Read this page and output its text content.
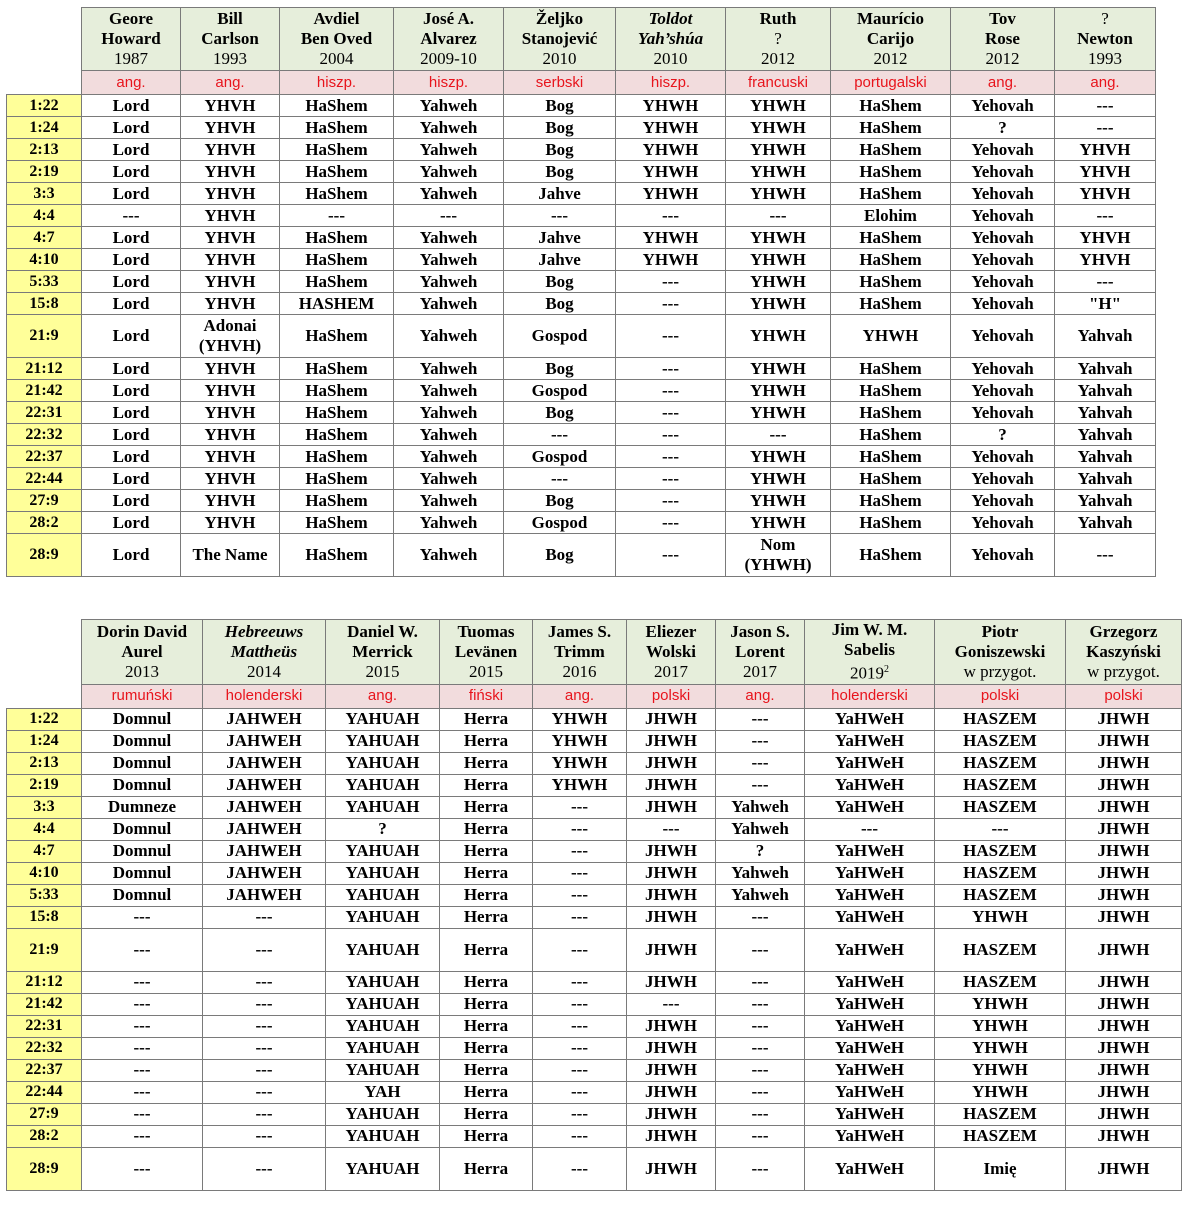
	Geore
Howard
1987	Bill
Carlson
1993	Avdiel
Ben Oved
2004	José A.
Alvarez
2009-10	Željko
Stanojević
2010	Toldot
Yah’shúa
2010	Ruth
?
2012	Maurício
Carijo
2012	Tov
Rose
2012	?
Newton
1993

	ang.	ang.	hiszp.	hiszp.	serbski	hiszp.	francuski	portugalski	ang.	ang.
1:22	Lord	YHVH	HaShem	Yahweh	Bog	YHWH	YHWH	HaShem	Yehovah	---

1:24	Lord	YHVH	HaShem	Yahweh	Bog	YHWH	YHWH	HaShem	?	---

2:13	Lord	YHVH	HaShem	Yahweh	Bog	YHWH	YHWH	HaShem	Yehovah	YHVH

2:19	Lord	YHVH	HaShem	Yahweh	Bog	YHWH	YHWH	HaShem	Yehovah	YHVH

3:3	Lord	YHVH	HaShem	Yahweh	Jahve	YHWH	YHWH	HaShem	Yehovah	YHVH

4:4	---	YHVH	---	---	---	---	---	Elohim	Yehovah	---

4:7	Lord	YHVH	HaShem	Yahweh	Jahve	YHWH	YHWH	HaShem	Yehovah	YHVH

4:10	Lord	YHVH	HaShem	Yahweh	Jahve	YHWH	YHWH	HaShem	Yehovah	YHVH

5:33	Lord	YHVH	HaShem	Yahweh	Bog	---	YHWH	HaShem	Yehovah	---

15:8	Lord	YHVH	HASHEM	Yahweh	Bog	---	YHWH	HaShem	Yehovah	"H"

21:9	Lord	Adonai
(YHVH)	HaShem	Yahweh	Gospod	---	YHWH	YHWH	Yehovah	Yahvah

21:12	Lord	YHVH	HaShem	Yahweh	Bog	---	YHWH	HaShem	Yehovah	Yahvah

21:42	Lord	YHVH	HaShem	Yahweh	Gospod	---	YHWH	HaShem	Yehovah	Yahvah

22:31	Lord	YHVH	HaShem	Yahweh	Bog	---	YHWH	HaShem	Yehovah	Yahvah

22:32	Lord	YHVH	HaShem	Yahweh	---	---	---	HaShem	?	Yahvah

22:37	Lord	YHVH	HaShem	Yahweh	Gospod	---	YHWH	HaShem	Yehovah	Yahvah

22:44	Lord	YHVH	HaShem	Yahweh	---	---	YHWH	HaShem	Yehovah	Yahvah

27:9	Lord	YHVH	HaShem	Yahweh	Bog	---	YHWH	HaShem	Yehovah	Yahvah

28:2	Lord	YHVH	HaShem	Yahweh	Gospod	---	YHWH	HaShem	Yehovah	Yahvah

28:9	Lord	The Name	HaShem	Yahweh	Bog	---	Nom
(YHWH)	HaShem	Yehovah	---

	Dorin David
Aurel
2013	Hebreeuws
Mattheüs
2014	Daniel W.
Merrick
2015	Tuomas
Levänen
2015	James S.
Trimm
2016	Eliezer
Wolski
2017	Jason S.
Lorent
2017	Jim W. M.
Sabelis
2019$^2$	Piotr
Goniszewski
w przygot.	Grzegorz
Kaszyński
w przygot.

	rumuński	holenderski	ang.	fiński	ang.	polski	ang.	holenderski	polski	polski
1:22	Domnul	JAHWEH	YAHUAH	Herra	YHWH	JHWH	---	YaHWeH	HASZEM	JHWH

1:24	Domnul	JAHWEH	YAHUAH	Herra	YHWH	JHWH	---	YaHWeH	HASZEM	JHWH

2:13	Domnul	JAHWEH	YAHUAH	Herra	YHWH	JHWH	---	YaHWeH	HASZEM	JHWH

2:19	Domnul	JAHWEH	YAHUAH	Herra	YHWH	JHWH	---	YaHWeH	HASZEM	JHWH

3:3	Dumneze	JAHWEH	YAHUAH	Herra	---	JHWH	Yahweh	YaHWeH	HASZEM	JHWH

4:4	Domnul	JAHWEH	?	Herra	---	---	Yahweh	---	---	JHWH

4:7	Domnul	JAHWEH	YAHUAH	Herra	---	JHWH	?	YaHWeH	HASZEM	JHWH

4:10	Domnul	JAHWEH	YAHUAH	Herra	---	JHWH	Yahweh	YaHWeH	HASZEM	JHWH

5:33	Domnul	JAHWEH	YAHUAH	Herra	---	JHWH	Yahweh	YaHWeH	HASZEM	JHWH

15:8	---	---	YAHUAH	Herra	---	JHWH	---	YaHWeH	YHWH	JHWH

21:9	---	---	YAHUAH	Herra	---	JHWH	---	YaHWeH	HASZEM	JHWH

21:12	---	---	YAHUAH	Herra	---	JHWH	---	YaHWeH	HASZEM	JHWH

21:42	---	---	YAHUAH	Herra	---	---	---	YaHWeH	YHWH	JHWH

22:31	---	---	YAHUAH	Herra	---	JHWH	---	YaHWeH	YHWH	JHWH

22:32	---	---	YAHUAH	Herra	---	JHWH	---	YaHWeH	YHWH	JHWH

22:37	---	---	YAHUAH	Herra	---	JHWH	---	YaHWeH	YHWH	JHWH

22:44	---	---	YAH	Herra	---	JHWH	---	YaHWeH	YHWH	JHWH

27:9	---	---	YAHUAH	Herra	---	JHWH	---	YaHWeH	HASZEM	JHWH

28:2	---	---	YAHUAH	Herra	---	JHWH	---	YaHWeH	HASZEM	JHWH

28:9	---	---	YAHUAH	Herra	---	JHWH	---	YaHWeH	Imię	JHWH
